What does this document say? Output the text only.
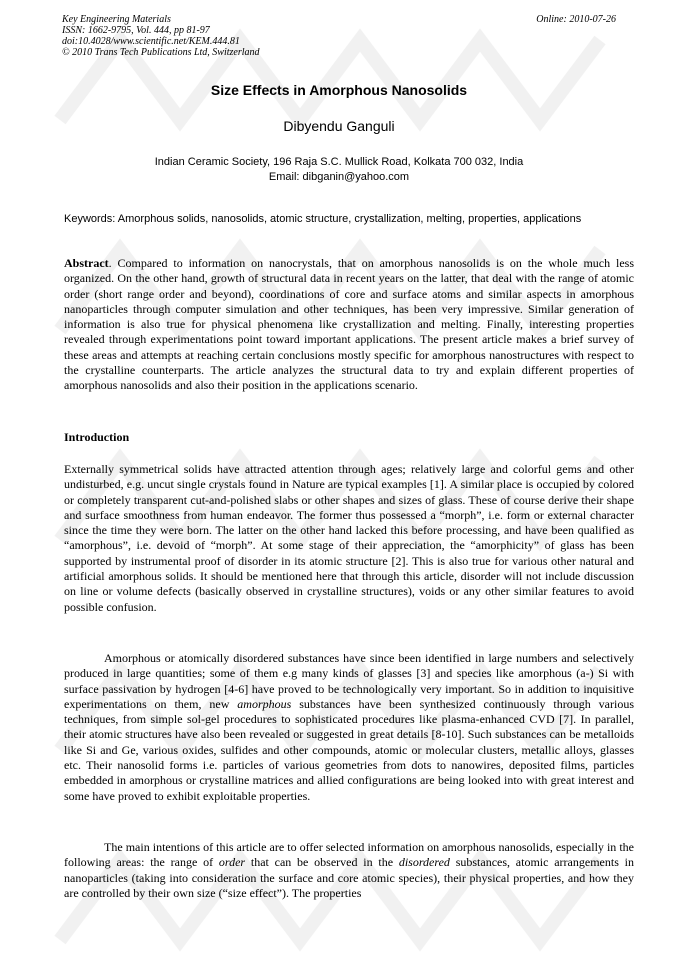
Key Engineering Materials
ISSN: 1662-9795, Vol. 444, pp 81-97
doi:10.4028/www.scientific.net/KEM.444.81
© 2010 Trans Tech Publications Ltd, Switzerland
Online: 2010-07-26
Size Effects in Amorphous Nanosolids
Dibyendu Ganguli
Indian Ceramic Society, 196 Raja S.C. Mullick Road, Kolkata 700 032, India
Email: dibganin@yahoo.com
Keywords: Amorphous solids, nanosolids, atomic structure, crystallization, melting, properties, applications
Abstract. Compared to information on nanocrystals, that on amorphous nanosolids is on the whole much less organized. On the other hand, growth of structural data in recent years on the latter, that deal with the range of atomic order (short range order and beyond), coordinations of core and surface atoms and similar aspects in amorphous nanoparticles through computer simulation and other techniques, has been very impressive. Similar generation of information is also true for physical phenomena like crystallization and melting. Finally, interesting properties revealed through experimentations point toward important applications. The present article makes a brief survey of these areas and attempts at reaching certain conclusions mostly specific for amorphous nanostructures with respect to the crystalline counterparts. The article analyzes the structural data to try and explain different properties of amorphous nanosolids and also their position in the applications scenario.
Introduction
Externally symmetrical solids have attracted attention through ages; relatively large and colorful gems and other undisturbed, e.g. uncut single crystals found in Nature are typical examples [1]. A similar place is occupied by colored or completely transparent cut-and-polished slabs or other shapes and sizes of glass. These of course derive their shape and surface smoothness from human endeavor. The former thus possessed a “morph”, i.e. form or external character since the time they were born. The latter on the other hand lacked this before processing, and have been qualified as “amorphous”, i.e. devoid of “morph”. At some stage of their appreciation, the “amorphicity” of glass has been supported by instrumental proof of disorder in its atomic structure [2]. This is also true for various other natural and artificial amorphous solids. It should be mentioned here that through this article, disorder will not include discussion on line or volume defects (basically observed in crystalline structures), voids or any other similar features to avoid possible confusion.
Amorphous or atomically disordered substances have since been identified in large numbers and selectively produced in large quantities; some of them e.g many kinds of glasses [3] and species like amorphous (a-) Si with surface passivation by hydrogen [4-6] have proved to be technologically very important. So in addition to inquisitive experimentations on them, new amorphous substances have been synthesized continuously through various techniques, from simple sol-gel procedures to sophisticated procedures like plasma-enhanced CVD [7]. In parallel, their atomic structures have also been revealed or suggested in great details [8-10]. Such substances can be metalloids like Si and Ge, various oxides, sulfides and other compounds, atomic or molecular clusters, metallic alloys, glasses etc. Their nanosolid forms i.e. particles of various geometries from dots to nanowires, deposited films, particles embedded in amorphous or crystalline matrices and allied configurations are being looked into with great interest and some have proved to exhibit exploitable properties.
The main intentions of this article are to offer selected information on amorphous nanosolids, especially in the following areas: the range of order that can be observed in the disordered substances, atomic arrangements in nanoparticles (taking into consideration the surface and core atomic species), their physical properties, and how they are controlled by their own size (“size effect”). The properties
